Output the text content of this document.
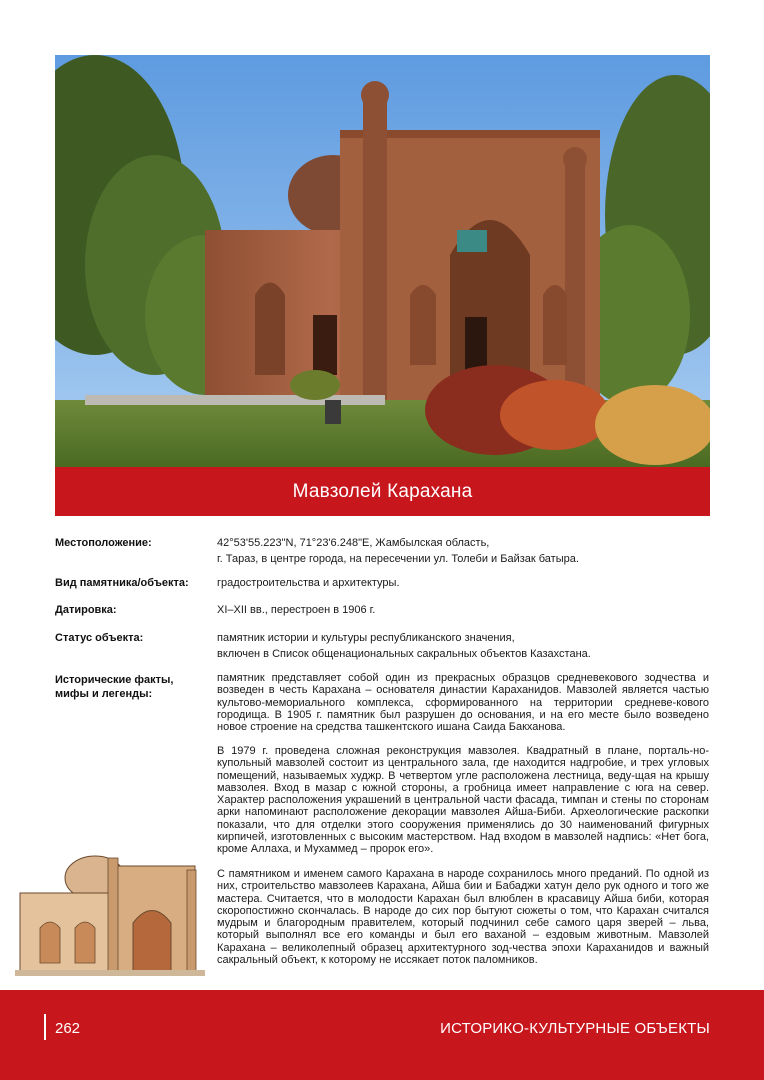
Мавзолей Карахана
Местоположение:	42°53'55.223"N, 71°23'6.248"E, Жамбылская область,

г. Тараз, в центре города, на пересечении ул. Толеби и Байзак батыра.

Вид памятника/объекта:	градостроительства и архитектуры.

Датировка:	XI–XII вв., перестроен в 1906 г.

Статус объекта:	памятник истории и культуры республиканского значения,

включен в Список общенациональных сакральных объектов Казахстана.

Исторические факты,
мифы и легенды:

памятник представляет собой один из прекрасных образцов средневекового зодчества и возведен в честь Карахана – основателя династии Караханидов. Мавзолей является частью культово-мемориального комплекса, сформированного на территории средневе-кового городища. В 1905 г. памятник был разрушен до основания, и на его месте было возведено новое строение на средства ташкентского ишана Саида Бакханова.

В 1979 г. проведена сложная реконструкция мавзолея. Квадратный в плане, порталь-но-купольный мавзолей состоит из центрального зала, где находится надгробие, и трех угловых помещений, называемых худжр. В четвертом угле расположена лестница, веду-щая на крышу мавзолея. Вход в мазар с южной стороны, а гробница имеет направление с юга на север. Характер расположения украшений в центральной части фасада, тимпан и стены по сторонам арки напоминают расположение декорации мавзолея Айша-Биби. Археологические раскопки показали, что для отделки этого сооружения применялись до 30 наименований фигурных кирпичей, изготовленных с высоким мастерством. Над входом в мавзолей надпись: «Нет бога, кроме Аллаха, и Мухаммед – пророк его».

С памятником и именем самого Карахана в народе сохранилось много преданий. По одной из них, строительство мавзолеев Карахана, Айша бии и Бабаджи хатун дело рук одного и того же мастера. Считается, что в молодости Карахан был влюблен в красавицу Айша биби, которая скоропостижно скончалась. В народе до сих пор бытуют сюжеты о том, что Карахан считался мудрым и благородным правителем, который подчинил себе самого царя зверей – льва, который выполнял все его команды и был его ваханой – ездовым животным. Мавзолей Карахана – великолепный образец архитектурного зод-чества эпохи Караханидов и важный сакральный объект, к которому не иссякает поток паломников.

262	ИСТОРИКО-КУЛЬТУРНЫЕ ОБЪЕКТЫ
